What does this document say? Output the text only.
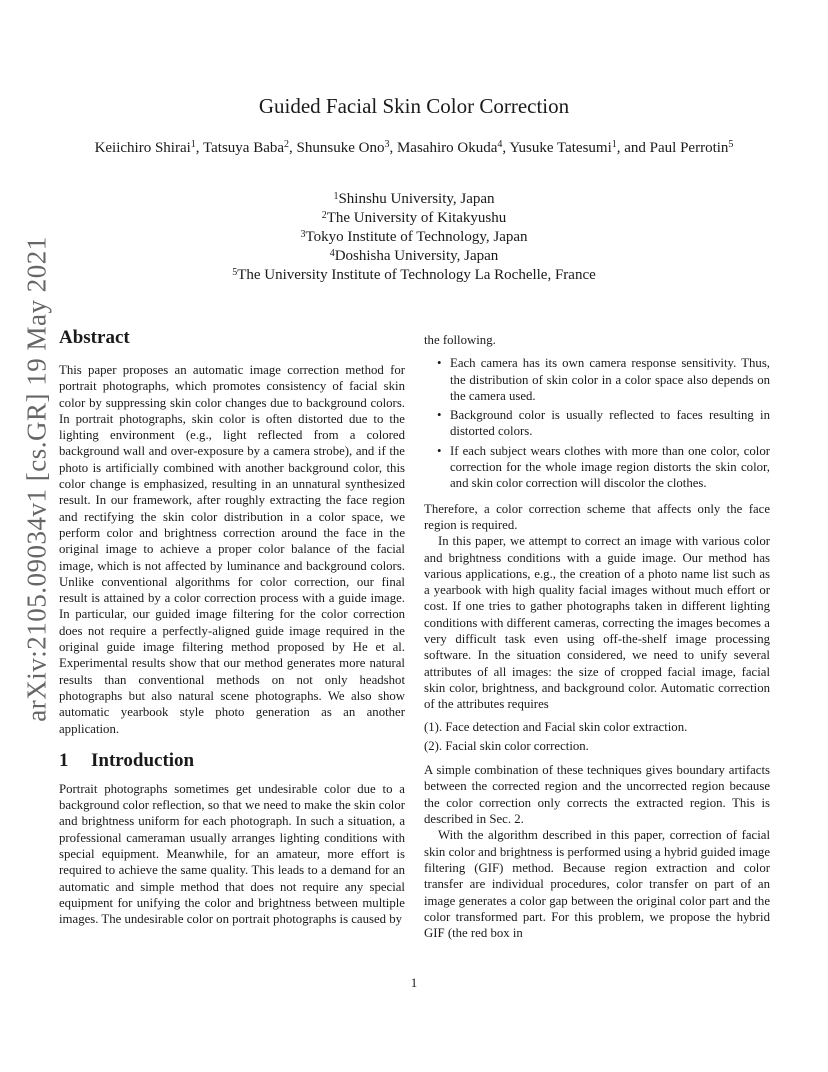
Guided Facial Skin Color Correction
Keiichiro Shirai$^1$, Tatsuya Baba$^2$, Shunsuke Ono$^3$, Masahiro Okuda$^4$, Yusuke Tatesumi$^1$, and Paul Perrotin$^5$
$^1$Shinshu University, Japan
$^2$The University of Kitakyushu
$^3$Tokyo Institute of Technology, Japan
$^4$Doshisha University, Japan
$^5$The University Institute of Technology La Rochelle, France
arXiv:2105.09034v1 [cs.GR] 19 May 2021 Abstract

This paper proposes an automatic image correction method for portrait photographs, which promotes consistency of facial skin color by suppressing skin color changes due to background colors. In portrait photographs, skin color is often distorted due to the lighting environment (e.g., light reflected from a colored background wall and over-exposure by a camera strobe), and if the photo is artificially combined with another background color, this color change is emphasized, resulting in an unnatural synthesized result. In our framework, after roughly extracting the face region and rectifying the skin color distribution in a color space, we perform color and brightness correction around the face in the original image to achieve a proper color balance of the facial image, which is not affected by luminance and background colors. Unlike conventional algorithms for color correction, our final result is attained by a color correction process with a guide image. In particular, our guided image filtering for the color correction does not require a perfectly-aligned guide image required in the original guide image filtering method proposed by He et al. Experimental results show that our method generates more natural results than conventional methods on not only headshot photographs but also natural scene photographs. We also show automatic yearbook style photo generation as an another application.

1 Introduction

Portrait photographs sometimes get undesirable color due to a background color reflection, so that we need to make the skin color and brightness uniform for each photograph. In such a situation, a professional cameraman usually arranges lighting conditions with special equipment. Meanwhile, for an amateur, more effort is required to achieve the same quality. This leads to a demand for an automatic and simple method that does not require any special equipment for unifying the color and brightness between multiple images. The undesirable color on portrait photographs is caused by

the following.

• Each camera has its own camera response sensitivity. Thus, the distribution of skin color in a color space also depends on the camera used.
• Background color is usually reflected to faces resulting in distorted colors.
• If each subject wears clothes with more than one color, color correction for the whole image region distorts the skin color, and skin color correction will discolor the clothes.

Therefore, a color correction scheme that affects only the face region is required.

In this paper, we attempt to correct an image with various color and brightness conditions with a guide image. Our method has various applications, e.g., the creation of a photo name list such as a yearbook with high quality facial images without much effort or cost. If one tries to gather photographs taken in different lighting conditions with different cameras, correcting the images becomes a very difficult task even using off-the-shelf image processing software. In the situation considered, we need to unify several attributes of all images: the size of cropped facial image, facial skin color, brightness, and background color. Automatic correction of the attributes requires

(1). Face detection and Facial skin color extraction.
(2). Facial skin color correction.

A simple combination of these techniques gives boundary artifacts between the corrected region and the uncorrected region because the color correction only corrects the extracted region. This is described in Sec. 2.

With the algorithm described in this paper, correction of facial skin color and brightness is performed using a hybrid guided image filtering (GIF) method. Because region extraction and color transfer are individual procedures, color transfer on part of an image generates a color gap between the original color part and the color transformed part. For this problem, we propose the hybrid GIF (the red box in

1
